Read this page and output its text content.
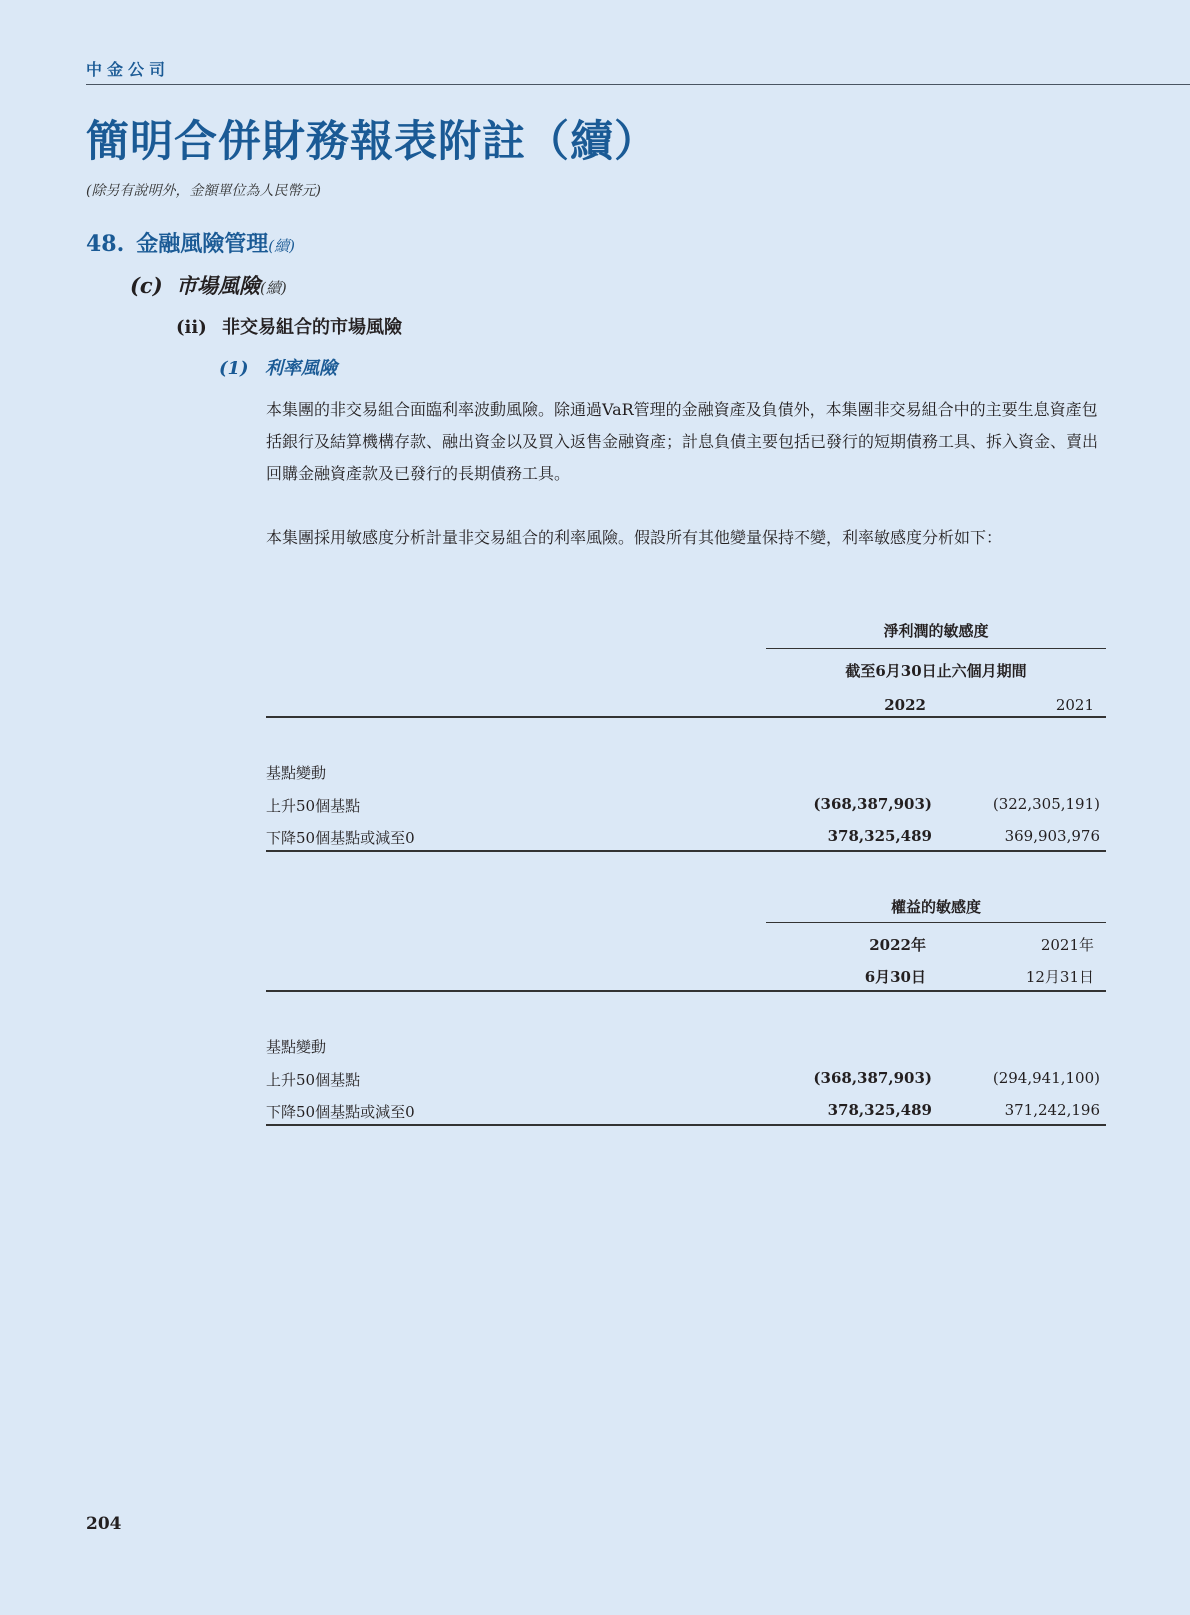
中金公司
簡明合併財務報表附註（續）
(除另有說明外，金額單位為人民幣元)
48. 金融風險管理(續)
(c) 市場風險(續)
(ii) 非交易組合的市場風險
(1) 利率風險
本集團的非交易組合面臨利率波動風險。除通過VaR管理的金融資產及負債外，本集團非交易組合中的主要生息資產包括銀行及結算機構存款、融出資金以及買入返售金融資產；計息負債主要包括已發行的短期債務工具、拆入資金、賣出回購金融資產款及已發行的長期債務工具。
本集團採用敏感度分析計量非交易組合的利率風險。假設所有其他變量保持不變，利率敏感度分析如下：
淨利潤的敏感度
截至6月30日止六個月期間
2022	2021
基點變動
上升50個基點	(368,387,903)	(322,305,191)
下降50個基點或減至0	378,325,489	369,903,976
權益的敏感度
2022年	2021年
6月30日	12月31日
基點變動
上升50個基點	(368,387,903)	(294,941,100)
下降50個基點或減至0	378,325,489	371,242,196
204
